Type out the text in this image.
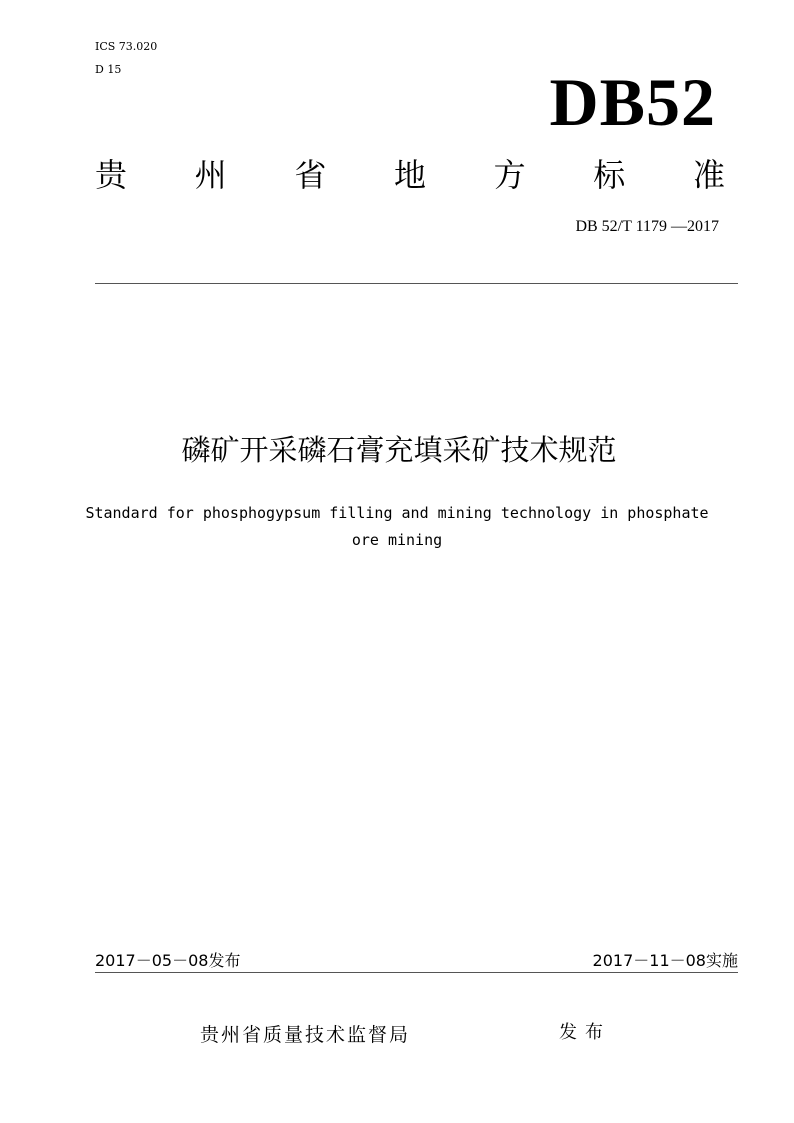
ICS 73.020
D 15	DB52
贵 州 省 地 方 标 准
DB 52/T 1179 —2017
磷矿开采磷石膏充填采矿技术规范
Standard for phosphogypsum filling and mining technology in phosphate
ore mining
2017－05－08发布	2017－11－08实施
贵州省质量技术监督局	发布
